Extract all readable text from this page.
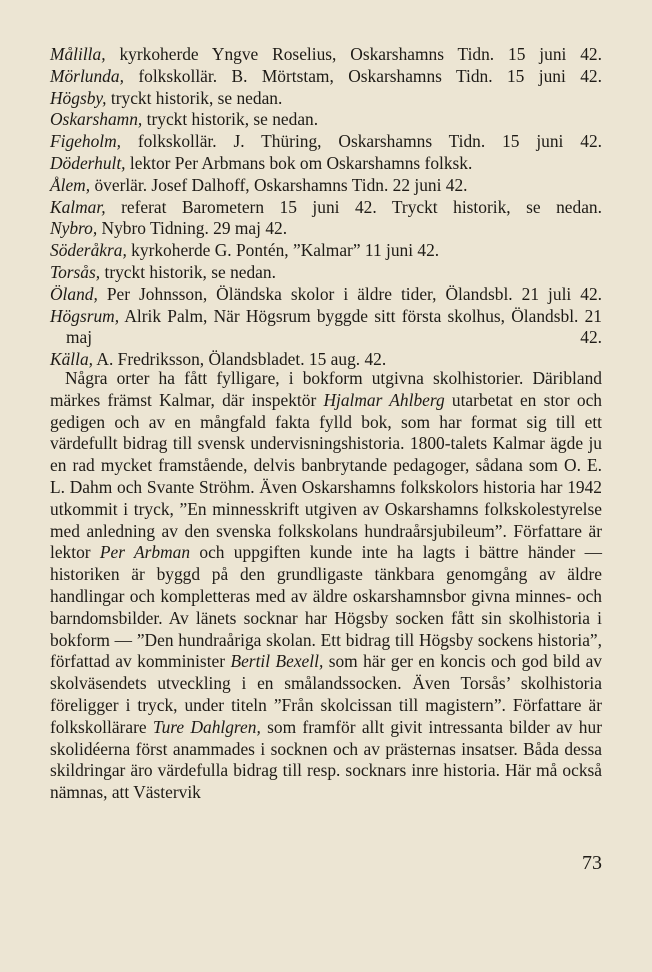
Målilla, kyrkoherde Yngve Roselius, Oskarshamns Tidn. 15 juni 42.
Mörlunda, folkskollär. B. Mörtstam, Oskarshamns Tidn. 15 juni 42.
Högsby, tryckt historik, se nedan.
Oskarshamn, tryckt historik, se nedan.
Figeholm, folkskollär. J. Thüring, Oskarshamns Tidn. 15 juni 42.
Döderhult, lektor Per Arbmans bok om Oskarshamns folksk.
Ålem, överlär. Josef Dalhoff, Oskarshamns Tidn. 22 juni 42.
Kalmar, referat Barometern 15 juni 42. Tryckt historik, se nedan.
Nybro, Nybro Tidning. 29 maj 42.
Söderåkra, kyrkoherde G. Pontén, ”Kalmar” 11 juni 42.
Torsås, tryckt historik, se nedan.
Öland, Per Johnsson, Öländska skolor i äldre tider, Ölandsbl. 21 juli 42.
Högsrum, Alrik Palm, När Högsrum byggde sitt första skolhus, Ölandsbl. 21 maj 42.
Källa, A. Fredriksson, Ölandsbladet. 15 aug. 42.

Några orter ha fått fylligare, i bokform utgivna skolhistorier. Däribland märkes främst Kalmar, där inspektör Hjalmar Ahlberg utarbetat en stor och gedigen och av en mångfald fakta fylld bok, som har format sig till ett värdefullt bidrag till svensk undervisningshistoria. 1800-talets Kalmar ägde ju en rad mycket framstående, delvis banbrytande pedagoger, sådana som O. E. L. Dahm och Svante Ströhm. Även Oskarshamns folkskolors historia har 1942 utkommit i tryck, ”En minnesskrift utgiven av Oskarshamns folkskolestyrelse med anledning av den svenska folkskolans hundraårsjubileum”. Författare är lektor Per Arbman och uppgiften kunde inte ha lagts i bättre händer — historiken är byggd på den grundligaste tänkbara genomgång av äldre handlingar och kompletteras med av äldre oskarshamnsbor givna minnes- och barndomsbilder. Av länets socknar har Högsby socken fått sin skolhistoria i bokform — ”Den hundraåriga skolan. Ett bidrag till Högsby sockens historia”, författad av komminister Bertil Bexell, som här ger en koncis och god bild av skolväsendets utveckling i en smålandssocken. Även Torsås’ skolhistoria föreligger i tryck, under titeln ”Från skolcissan till magistern”. Författare är folkskollärare Ture Dahlgren, som framför allt givit intressanta bilder av hur skolidéerna först anammades i socknen och av prästernas insatser. Båda dessa skildringar äro värdefulla bidrag till resp. socknars inre historia. Här må också nämnas, att Västervik

73
